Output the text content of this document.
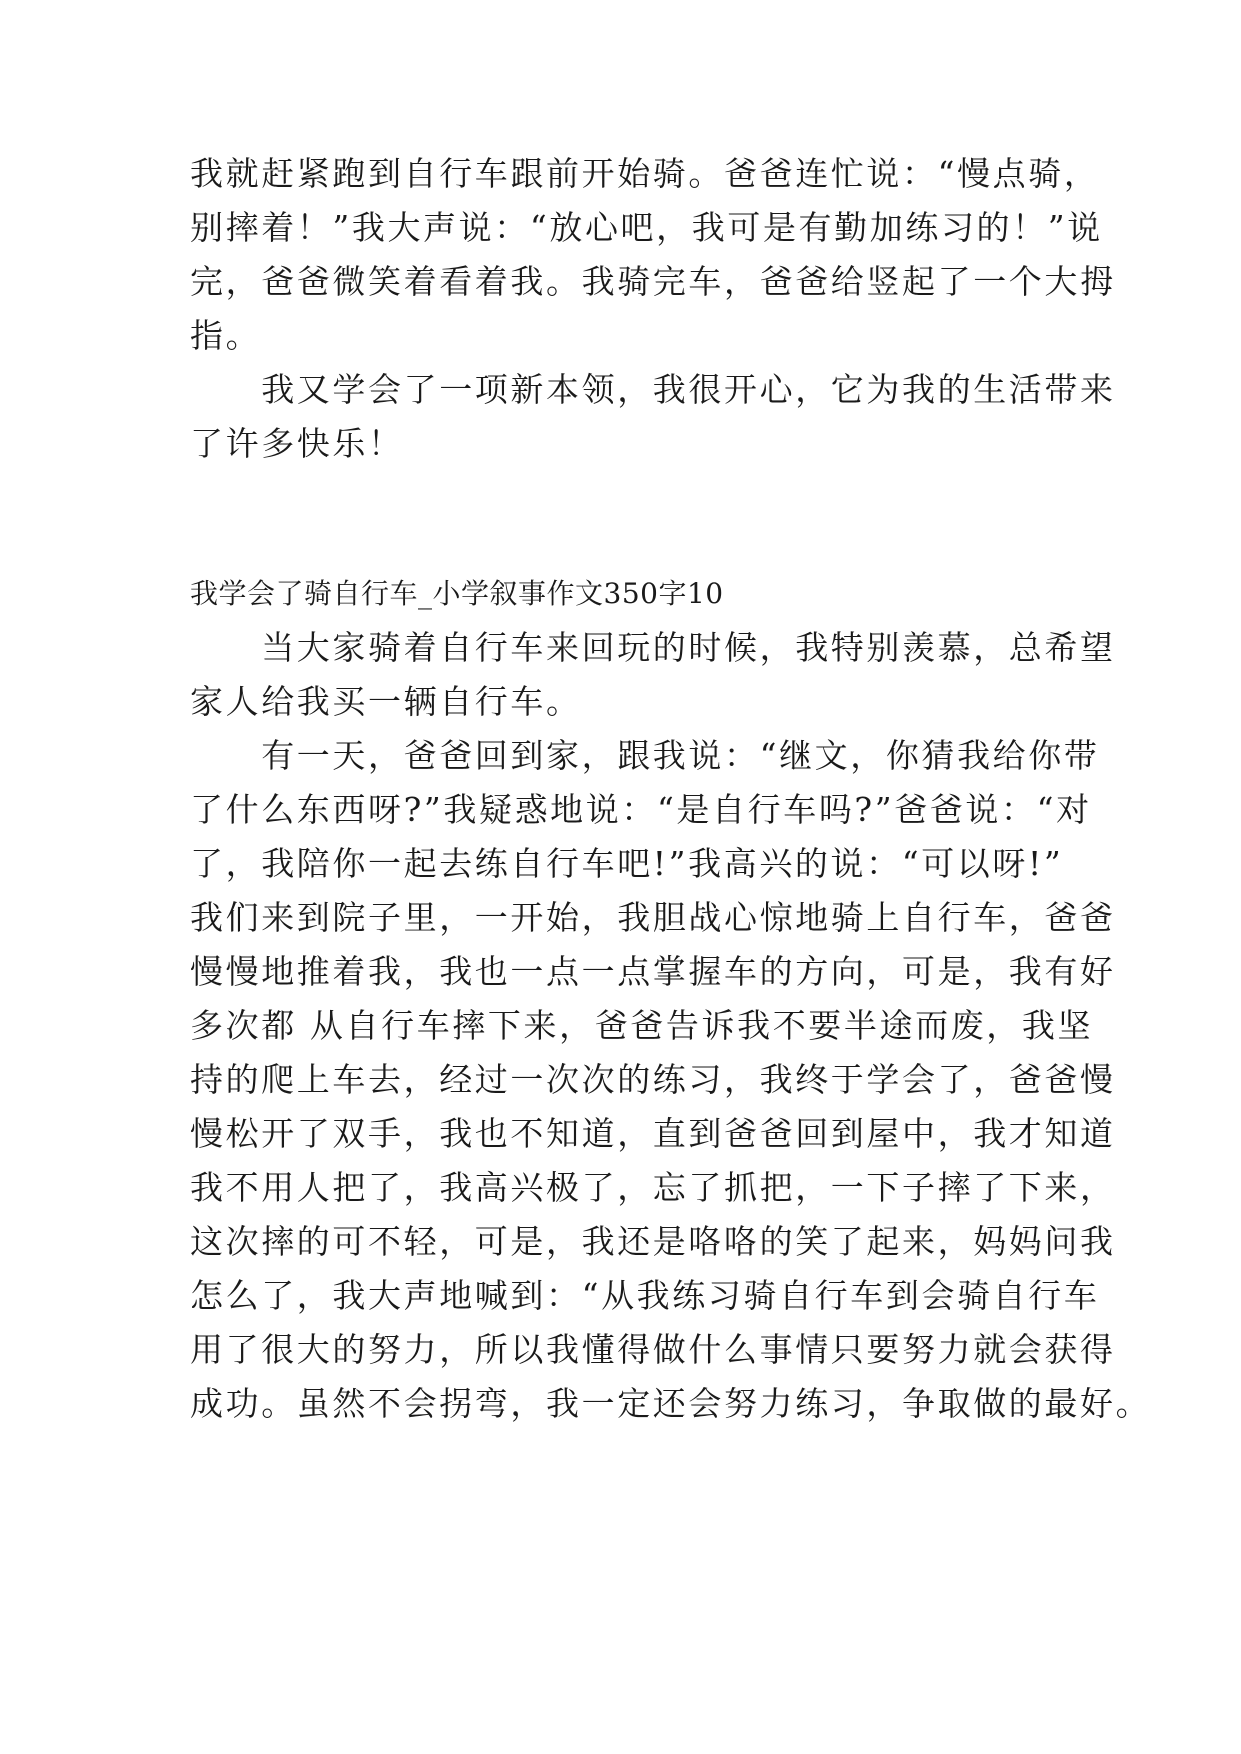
我就赶紧跑到自行车跟前开始骑。爸爸连忙说：“慢点骑，
别摔着！”我大声说：“放心吧，我可是有勤加练习的！”说
完，爸爸微笑着看着我。我骑完车，爸爸给竖起了一个大拇
指。
　　我又学会了一项新本领，我很开心，它为我的生活带来
了许多快乐！
我学会了骑自行车_小学叙事作文350字10
　　当大家骑着自行车来回玩的时候，我特别羡慕，总希望
家人给我买一辆自行车。
　　有一天，爸爸回到家，跟我说：“继文，你猜我给你带
了什么东西呀?”我疑惑地说：“是自行车吗?”爸爸说：“对
了，我陪你一起去练自行车吧!”我高兴的说：“可以呀!”
我们来到院子里，一开始，我胆战心惊地骑上自行车，爸爸
慢慢地推着我，我也一点一点掌握车的方向，可是，我有好
多次都 从自行车摔下来，爸爸告诉我不要半途而废，我坚
持的爬上车去，经过一次次的练习，我终于学会了，爸爸慢
慢松开了双手，我也不知道，直到爸爸回到屋中，我才知道
我不用人把了，我高兴极了，忘了抓把，一下子摔了下来，
这次摔的可不轻，可是，我还是咯咯的笑了起来，妈妈问我
怎么了，我大声地喊到：“从我练习骑自行车到会骑自行车
用了很大的努力，所以我懂得做什么事情只要努力就会获得
成功。虽然不会拐弯，我一定还会努力练习，争取做的最好。
